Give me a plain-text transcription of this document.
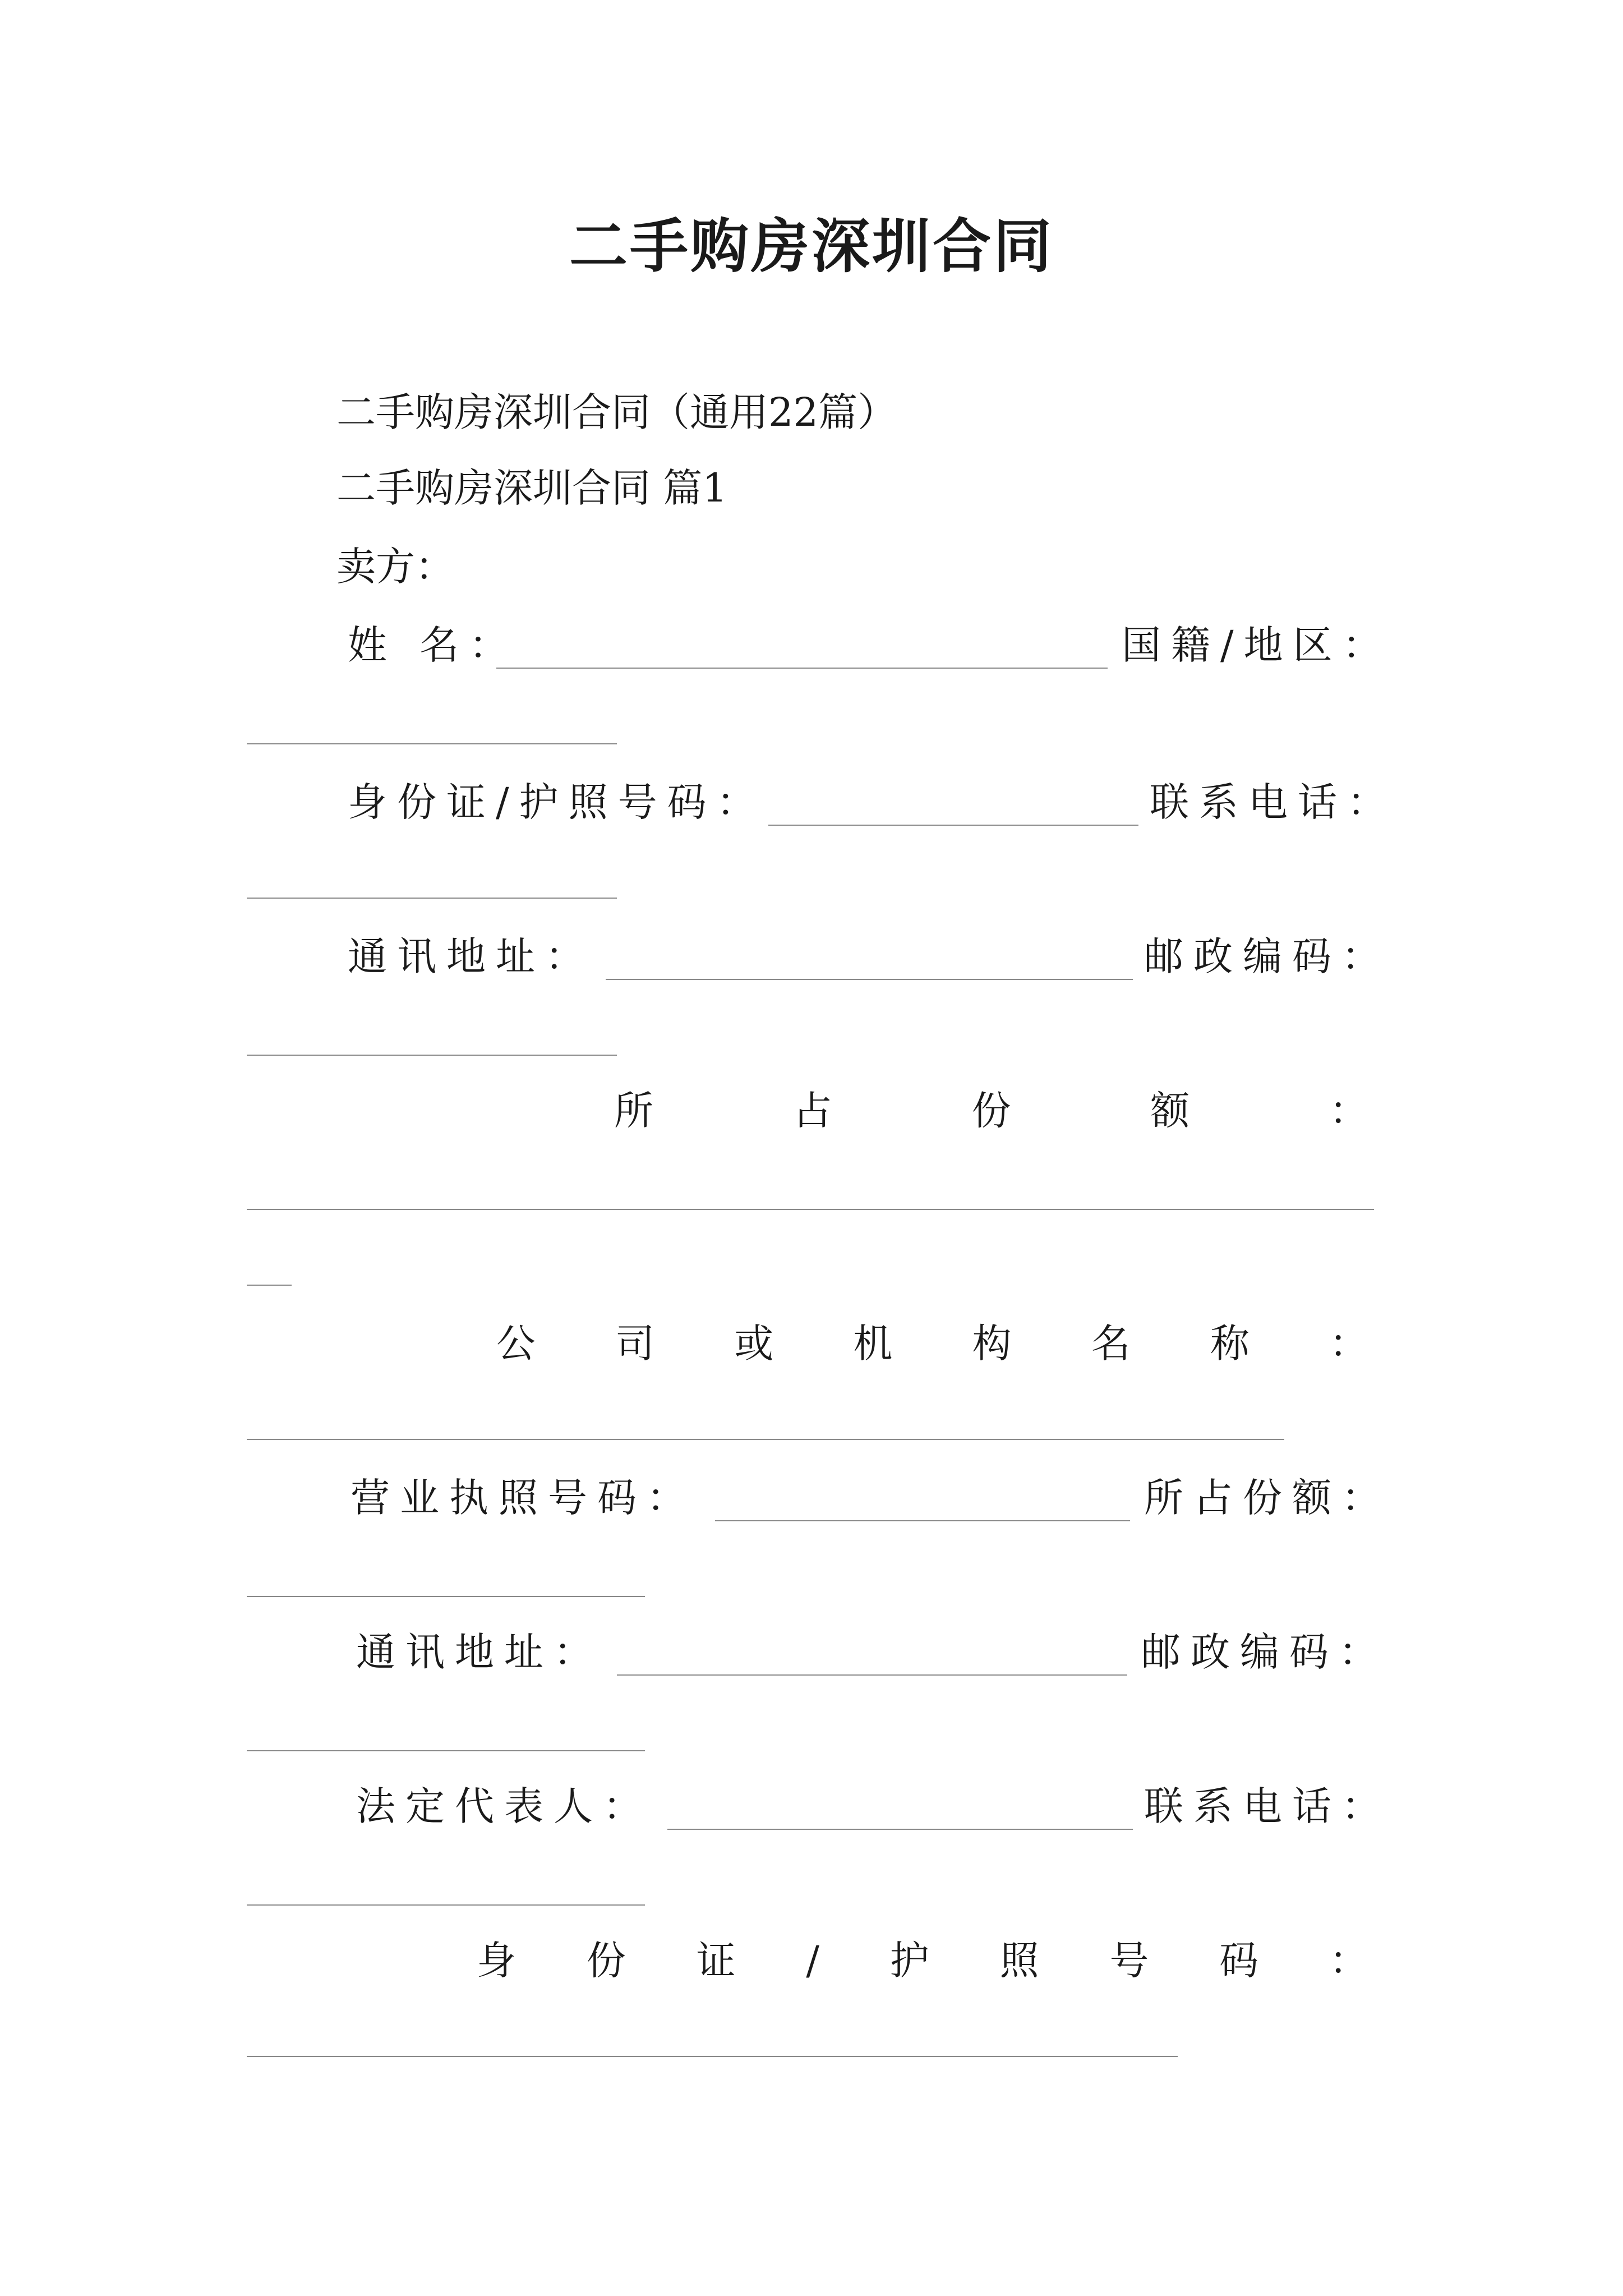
二手购房深圳合同
二手购房深圳合同（通用22篇）
二手购房深圳合同 篇1
卖方：
姓 名：	国籍/地区：
身份证/护照号码：	联系电话：
通讯地址：	邮政编码：
所	占	份	额	：
公 司 或 机 构 名 称 ：
营业执照号码：	所占份额：
通讯地址：	邮政编码：
法定代表人：	联系电话：
身 份 证 / 护 照 号 码 ：
